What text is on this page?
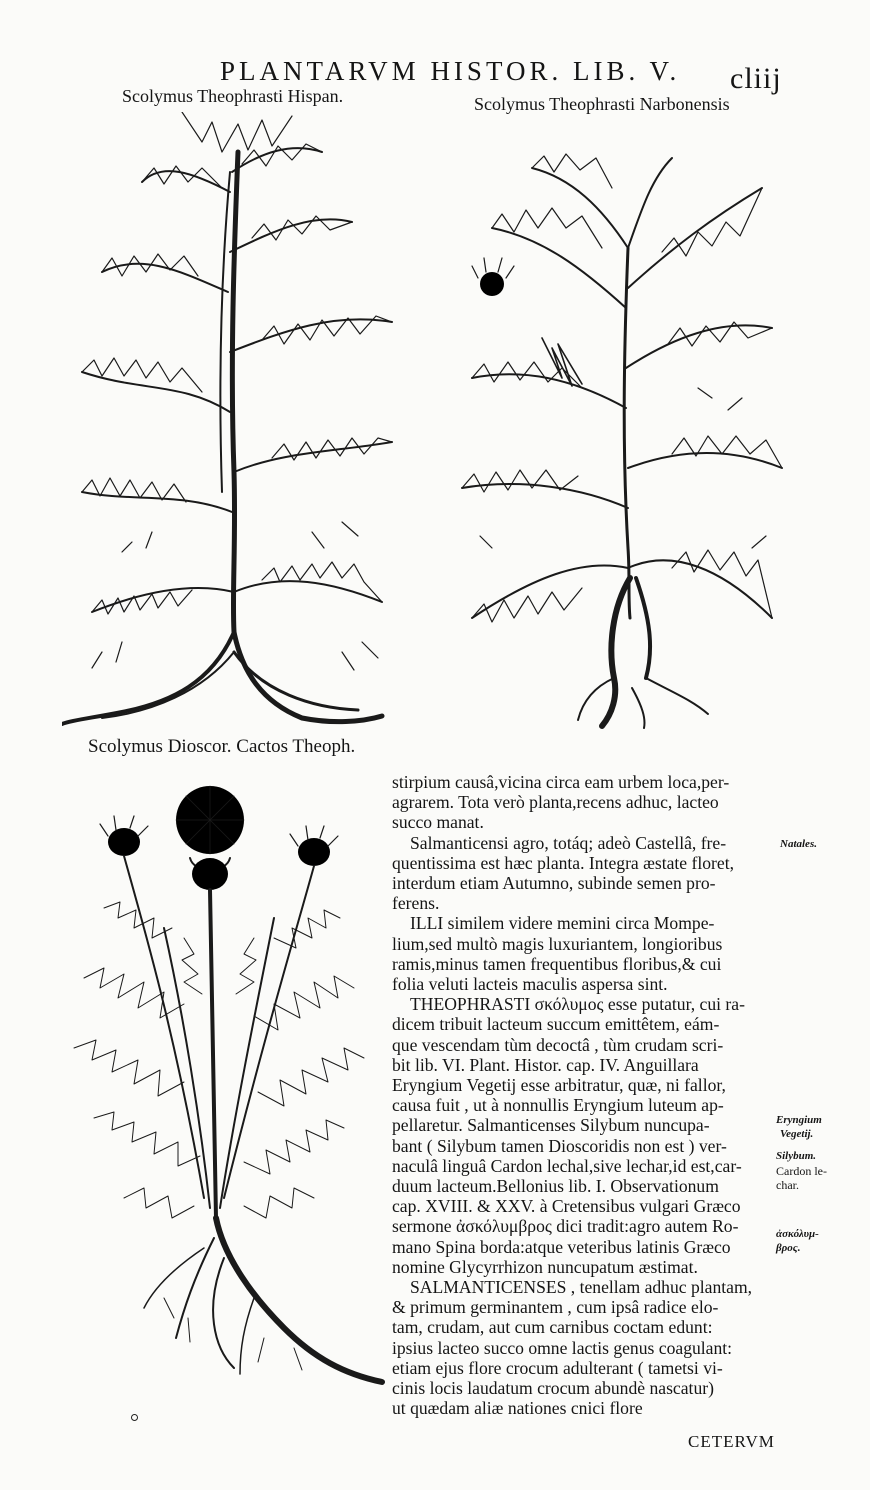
PLANTARVM HISTOR. LIB. V. cliij
Scolymus Theophrasti Hispan.	Scolymus Theophrasti Narbonensis
Scolymus Dioscor. Cactos Theoph.

stirpium causâ,vicina circa eam urbem loca,per-
agrarem. Tota verò planta,recens adhuc, lacteo
succo manat.
Salmanticensi agro, totáq; adeò Castellâ, fre-
quentissima est hæc planta. Integra æstate floret,
interdum etiam Autumno, subinde semen pro-
ferens.
ILLI similem videre memini circa Mompe-
lium,sed multò magis luxuriantem, longioribus
ramis,minus tamen frequentibus floribus,& cui
folia veluti lacteis maculis aspersa sint.
THEOPHRASTI σκόλυμος esse putatur, cui ra-
dicem tribuit lacteum succum emittêtem, eám-
que vescendam tùm decoctâ , tùm crudam scri-
bit lib. VI. Plant. Histor. cap. IV. Anguillara
Eryngium Vegetij esse arbitratur, quæ, ni fallor,
causa fuit , ut à nonnullis Eryngium luteum ap-
pellaretur. Salmanticenses Silybum nuncupa-
bant ( Silybum tamen Dioscoridis non est ) ver-
naculâ linguâ Cardon lechal,sive lechar,id est,car-
duum lacteum.Bellonius lib. I. Observationum
cap. XVIII. & XXV. à Cretensibus vulgari Græco
sermone ἀσκόλυμβρος dici tradit:agro autem Ro-
mano Spina borda:atque veteribus latinis Græco
nomine Glycyrrhizon nuncupatum æstimat.
SALMANTICENSES , tenellam adhuc plantam,
& primum germinantem , cum ipsâ radice elo-
tam, crudam, aut cum carnibus coctam edunt:
ipsius lacteo succo omne lactis genus coagulant:
etiam ejus flore crocum adulterant ( tametsi vi-
cinis locis laudatum crocum abundè nascatur)
ut quædam aliæ nationes cnici flore

Natales.
Eryngium
Vegetij.
Silybum.
Cardon le-
char.
ἀσκόλυμ-
βρος.
CETERVM
